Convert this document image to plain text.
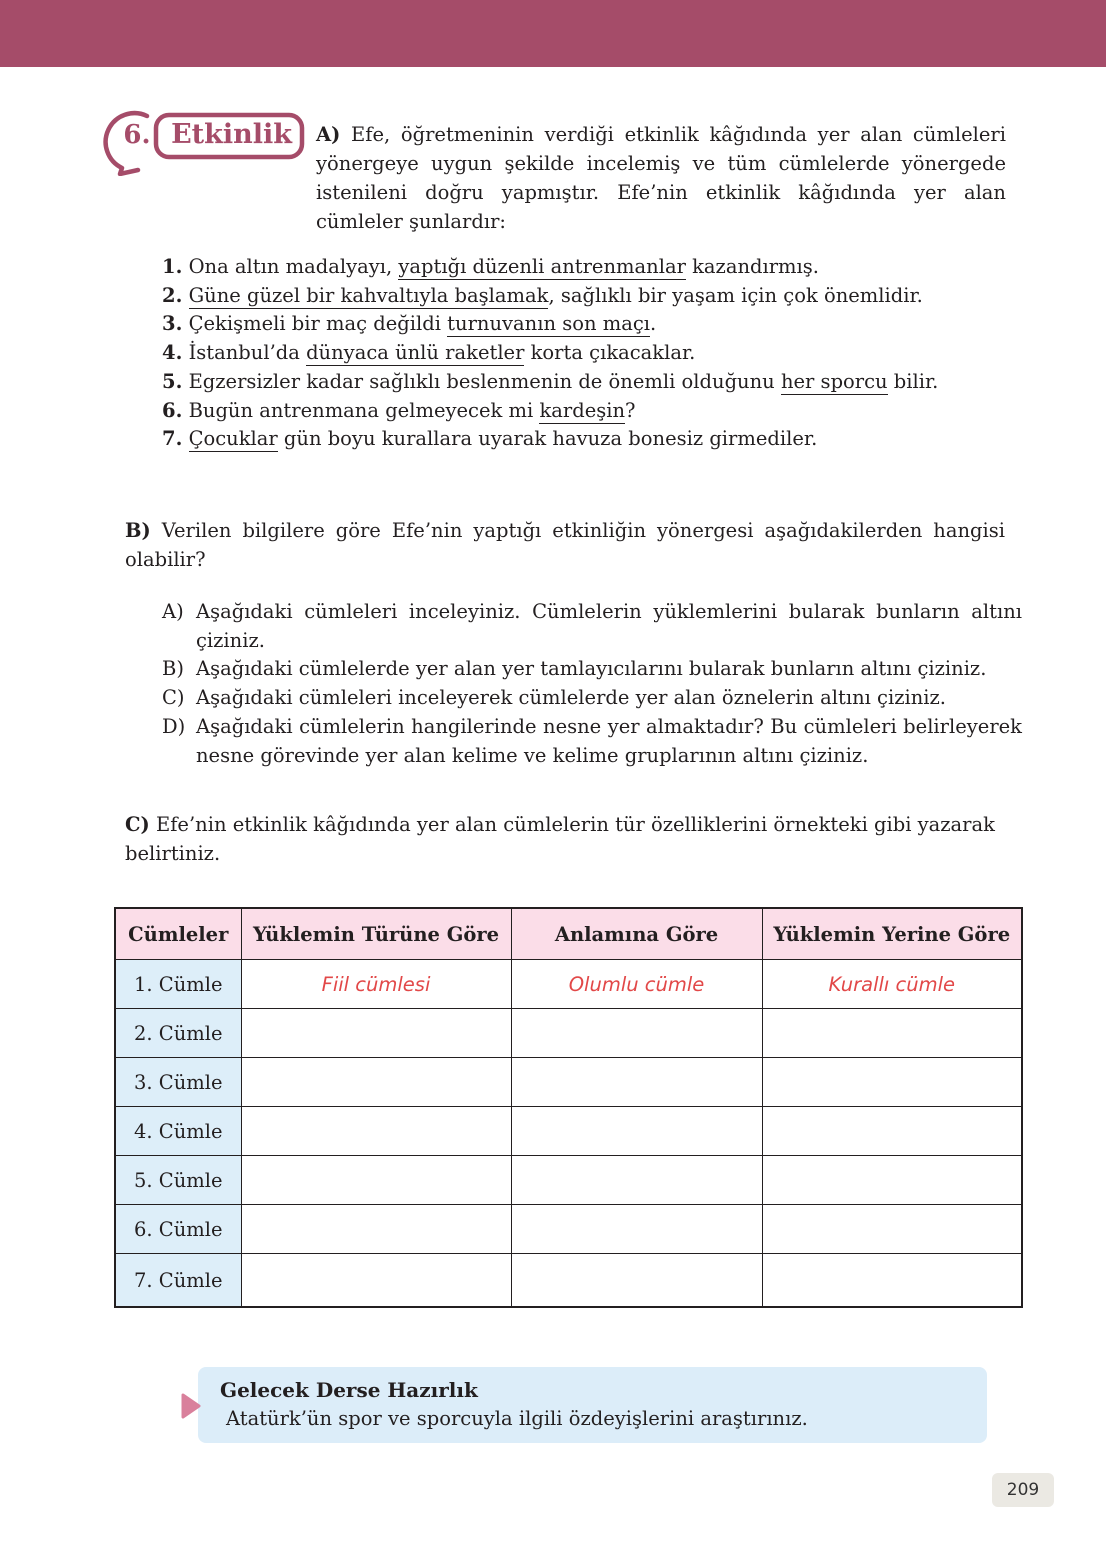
6. Etkinlik	A) Efe, öğretmeninin verdiği etkinlik kâğıdında yer alan cümleleri yönergeye uygun şekilde incelemiş ve tüm cümlelerde yönergede istenileni doğru yapmıştır. Efe’nin etkinlik kâğıdında yer alan cümleler şunlardır:
1. Ona altın madalyayı, yaptığı düzenli antrenmanlar kazandırmış.
2. Güne güzel bir kahvaltıyla başlamak, sağlıklı bir yaşam için çok önemlidir.
3. Çekişmeli bir maç değildi turnuvanın son maçı.
4. İstanbul’da dünyaca ünlü raketler korta çıkacaklar.
5. Egzersizler kadar sağlıklı beslenmenin de önemli olduğunu her sporcu bilir.
6. Bugün antrenmana gelmeyecek mi kardeşin?
7. Çocuklar gün boyu kurallara uyarak havuza bonesiz girmediler.
B) Verilen bilgilere göre Efe’nin yaptığı etkinliğin yönergesi aşağıdakilerden hangisi olabilir?
A) Aşağıdaki cümleleri inceleyiniz. Cümlelerin yüklemlerini bularak bunların altını çiziniz.
B) Aşağıdaki cümlelerde yer alan yer tamlayıcılarını bularak bunların altını çiziniz.
C) Aşağıdaki cümleleri inceleyerek cümlelerde yer alan öznelerin altını çiziniz.
D) Aşağıdaki cümlelerin hangilerinde nesne yer almaktadır? Bu cümleleri belirleyerek nesne görevinde yer alan kelime ve kelime gruplarının altını çiziniz.
C) Efe’nin etkinlik kâğıdında yer alan cümlelerin tür özelliklerini örnekteki gibi yazarak belirtiniz.
Cümleler	Yüklemin Türüne Göre	Anlamına Göre	Yüklemin Yerine Göre
1. Cümle	Fiil cümlesi	Olumlu cümle	Kurallı cümle
2. Cümle			
3. Cümle			
4. Cümle			
5. Cümle			
6. Cümle			
7. Cümle			
Gelecek Derse Hazırlık
Atatürk’ün spor ve sporcuyla ilgili özdeyişlerini araştırınız.
209
